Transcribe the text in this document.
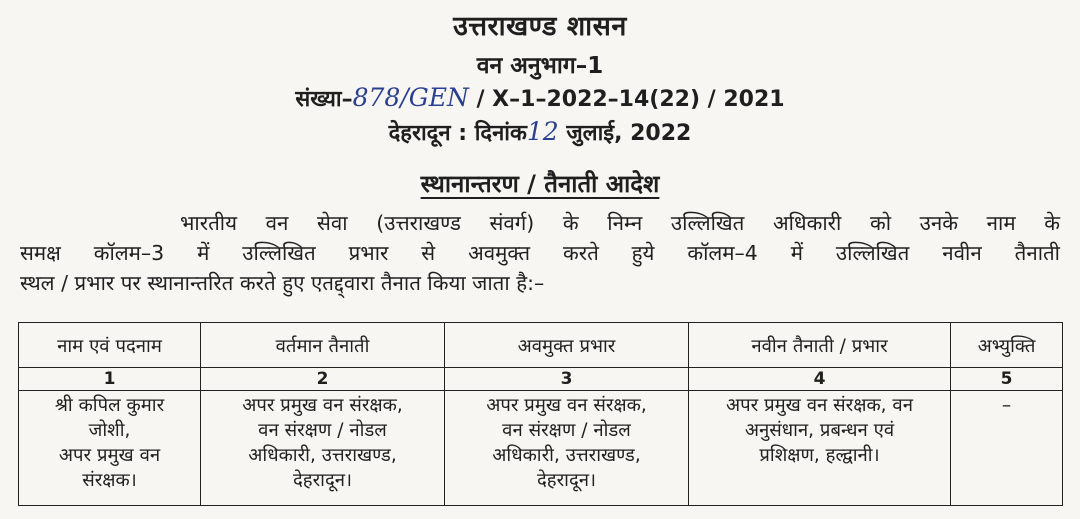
उत्तराखण्ड शासन
वन अनुभाग–1
संख्या–878/GEN / X–1–2022–14(22) / 2021
देहरादून : दिनांक12 जुलाई, 2022
स्थानान्तरण / तैनाती आदेश
भारतीय वन सेवा (उत्तराखण्ड संवर्ग) के निम्न उल्लिखित अधिकारी को उनके नाम के
समक्ष कॉलम–3 में उल्लिखित प्रभार से अवमुक्त करते हुये कॉलम–4 में उल्लिखित नवीन तैनाती
स्थल / प्रभार पर स्थानान्तरित करते हुए एतद्द्वारा तैनात किया जाता है:–
नाम एवं पदनाम	वर्तमान तैनाती	अवमुक्त प्रभार	नवीन तैनाती / प्रभार	अभ्युक्ति
1	2	3	4	5

श्री कपिल कुमार
जोशी,
अपर प्रमुख वन
संरक्षक।	अपर प्रमुख वन संरक्षक,
वन संरक्षण / नोडल
अधिकारी, उत्तराखण्ड,
देहरादून।	अपर प्रमुख वन संरक्षक,
वन संरक्षण / नोडल
अधिकारी, उत्तराखण्ड,
देहरादून।	अपर प्रमुख वन संरक्षक, वन
अनुसंधान, प्रबन्धन एवं
प्रशिक्षण, हल्द्वानी।	–
